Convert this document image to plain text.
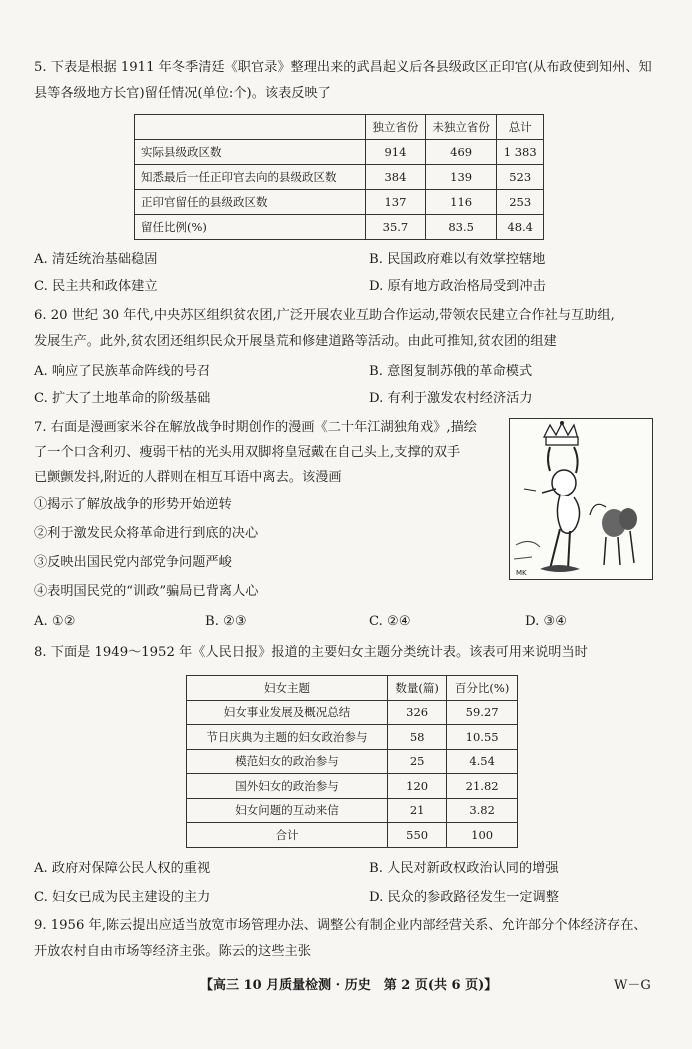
5. 下表是根据 1911 年冬季清廷《职官录》整理出来的武昌起义后各县级政区正印官(从布政使到知州、知
县等各级地方长官)留任情况(单位:个)。该表反映了
	独立省份	未独立省份	总计
实际县级政区数	914	469	1 383
知悉最后一任正印官去向的县级政区数	384	139	523
正印官留任的县级政区数	137	116	253
留任比例(%)	35.7	83.5	48.4
A. 清廷统治基础稳固	B. 民国政府难以有效掌控辖地
C. 民主共和政体建立	D. 原有地方政治格局受到冲击
6. 20 世纪 30 年代,中央苏区组织贫农团,广泛开展农业互助合作运动,带领农民建立合作社与互助组,
发展生产。此外,贫农团还组织民众开展垦荒和修建道路等活动。由此可推知,贫农团的组建
A. 响应了民族革命阵线的号召	B. 意图复制苏俄的革命模式
C. 扩大了土地革命的阶级基础	D. 有利于激发农村经济活力
7. 右面是漫画家米谷在解放战争时期创作的漫画《二十年江湖独角戏》,描绘
了一个口含利刃、瘦弱干枯的光头用双脚将皇冠戴在自己头上,支撑的双手
已颤颤发抖,附近的人群则在相互耳语中离去。该漫画
①揭示了解放战争的形势开始逆转
②利于激发民众将革命进行到底的决心
③反映出国民党内部党争问题严峻
④表明国民党的“训政”骗局已背离人心
A. ①②	B. ②③	C. ②④	D. ③④
MK
8. 下面是 1949～1952 年《人民日报》报道的主要妇女主题分类统计表。该表可用来说明当时
妇女主题	数量(篇)	百分比(%)
妇女事业发展及概况总结	326	59.27
节日庆典为主题的妇女政治参与	58	10.55
模范妇女的政治参与	25	4.54
国外妇女的政治参与	120	21.82
妇女问题的互动来信	21	3.82
合计	550	100
A. 政府对保障公民人权的重视	B. 人民对新政权政治认同的增强
C. 妇女已成为民主建设的主力	D. 民众的参政路径发生一定调整
9. 1956 年,陈云提出应适当放宽市场管理办法、调整公有制企业内部经营关系、允许部分个体经济存在、
开放农村自由市场等经济主张。陈云的这些主张
【高三 10 月质量检测 · 历史　第 2 页(共 6 页)】	W－G
